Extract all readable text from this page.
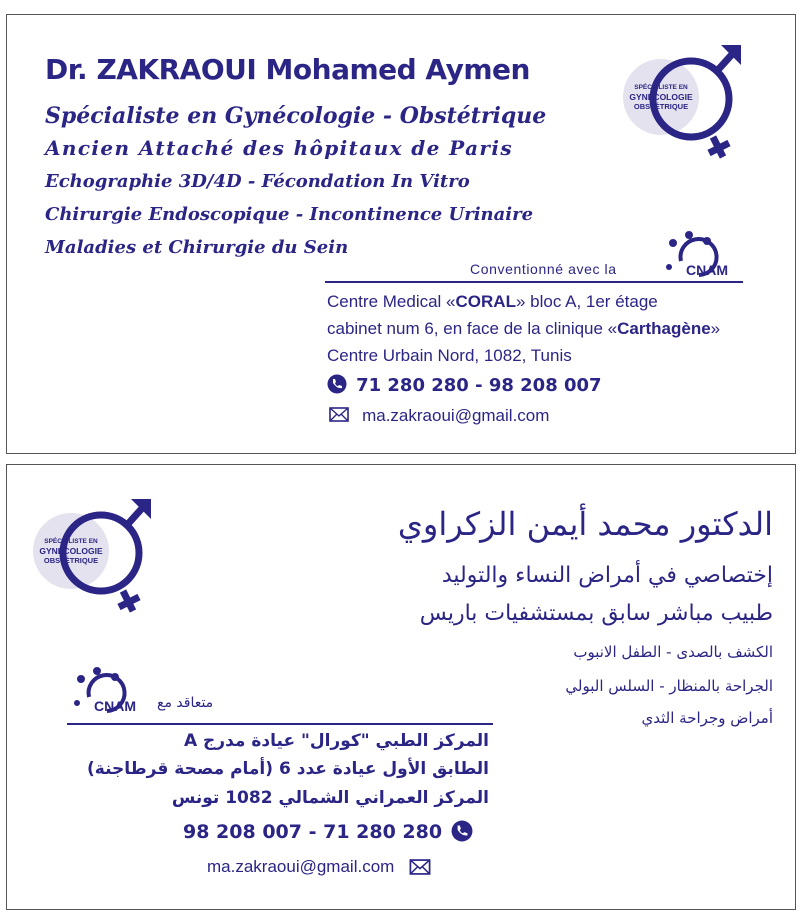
Dr. ZAKRAOUI Mohamed Aymen
Spécialiste en Gynécologie - Obstétrique
Ancien Attaché des hôpitaux de Paris
Echographie 3D/4D - Fécondation In Vitro
Chirurgie Endoscopique - Incontinence Urinaire
Maladies et Chirurgie du Sein
SPÉCIALISTE EN
GYNECOLOGIE
OBSTÉTRIQUE
Conventionné avec la	CNAM
Centre Medical «CORAL» bloc A, 1er étage
cabinet num 6, en face de la clinique «Carthagène»
Centre Urbain Nord, 1082, Tunis
71 280 280 - 98 208 007
ma.zakraoui@gmail.com
SPÉCIALISTE EN
GYNECOLOGIE
OBSTÉTRIQUE
الدكتور محمد أيمن الزكراوي
إختصاصي في أمراض النساء والتوليد
طبيب مباشر سابق بمستشفيات باريس
الكشف بالصدى - الطفل الانبوب
الجراحة بالمنظار - السلس البولي
أمراض وجراحة الثدي
CNAM متعاقد مع
المركز الطبي "كورال" عيادة مدرج A
الطابق الأول عيادة عدد 6 (أمام مصحة قرطاجنة)
المركز العمراني الشمالي 1082 تونس
98 208 007 - 71 280 280
ma.zakraoui@gmail.com
